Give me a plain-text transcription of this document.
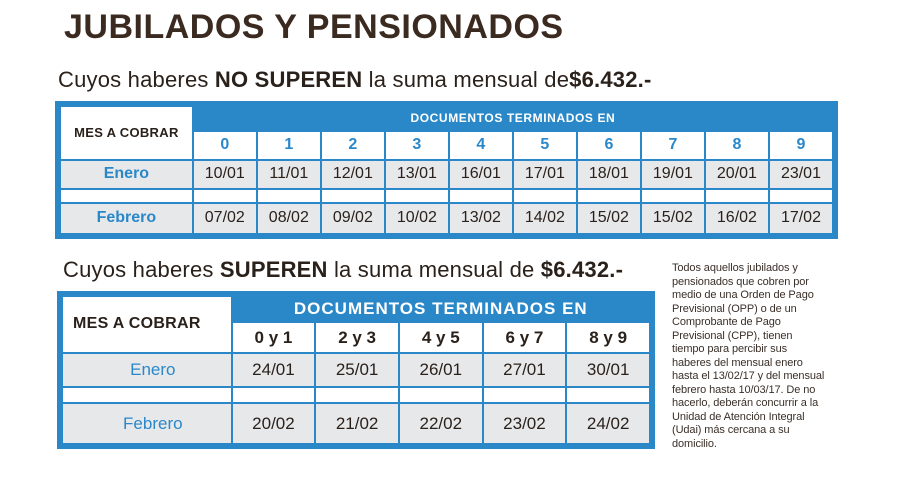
JUBILADOS Y PENSIONADOS
Cuyos haberes NO SUPEREN la suma mensual de$6.432.-
MES A COBRAR	DOCUMENTOS TERMINADOS EN									
	0	1	2	3	4	5	6	7	8	9
Enero	10/01	11/01	12/01	13/01	16/01	17/01	18/01	19/01	20/01	23/01

Febrero	07/02	08/02	09/02	10/02	13/02	14/02	15/02	15/02	16/02	17/02
Cuyos haberes SUPEREN la suma mensual de $6.432.-
MES A COBRAR	DOCUMENTOS TERMINADOS EN				
	0 y 1	2 y 3	4 y 5	6 y 7	8 y 9
Enero	24/01	25/01	26/01	27/01	30/01

Febrero	20/02	21/02	22/02	23/02	24/02
Todos aquellos jubilados y
pensionados que cobren por
medio de una Orden de Pago
Previsional (OPP) o de un
Comprobante de Pago
Previsional (CPP), tienen
tiempo para percibir sus
haberes del mensual enero
hasta el 13/02/17 y del mensual
febrero hasta 10/03/17. De no
hacerlo, deberán concurrir a la
Unidad de Atención Integral
(Udai) más cercana a su
domicilio.
